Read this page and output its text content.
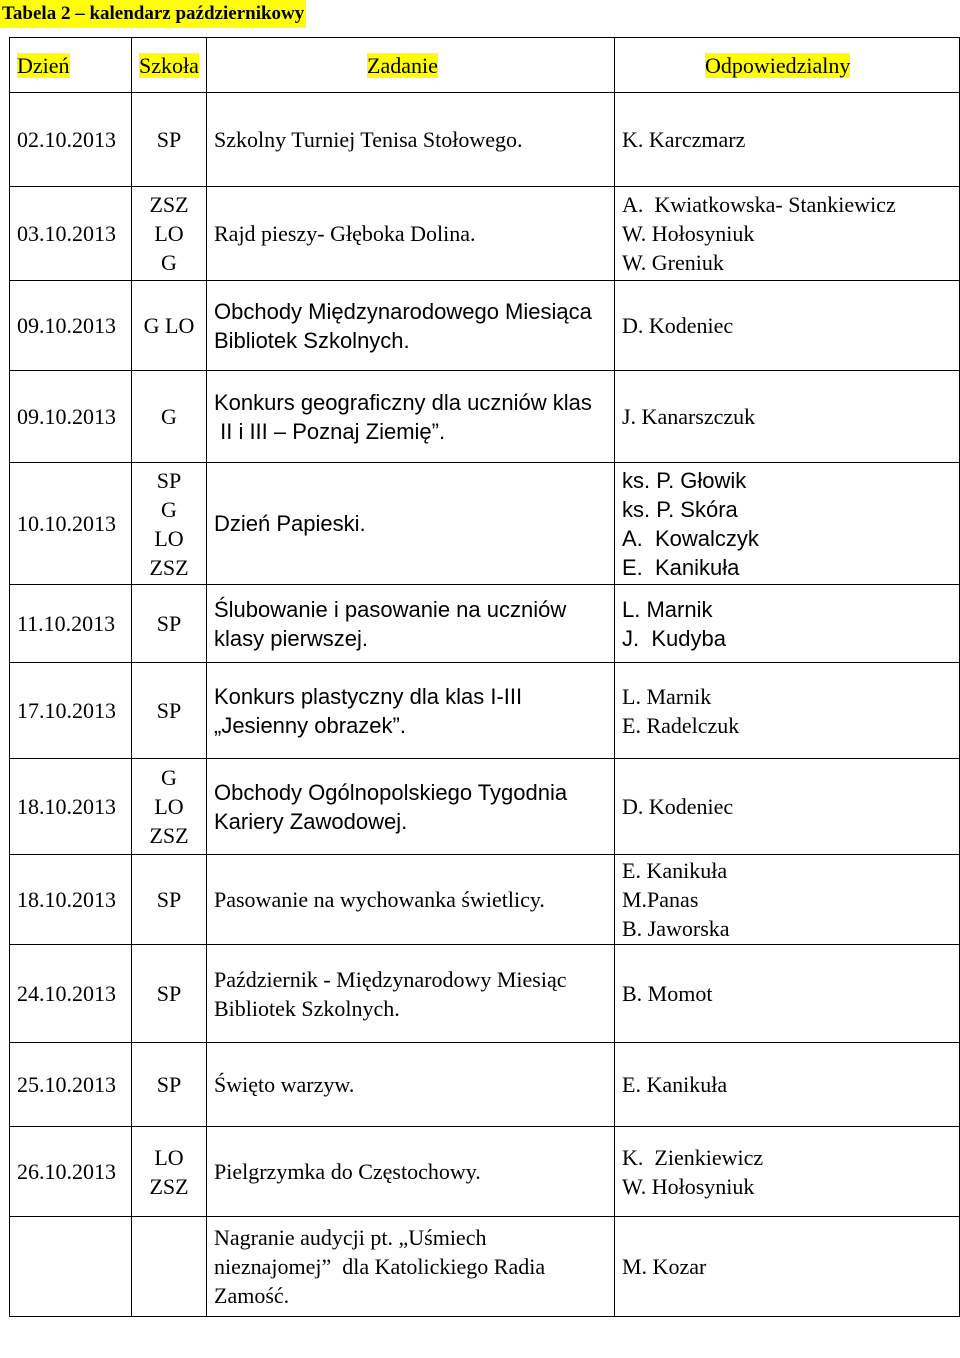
Tabela 2 – kalendarz październikowy
Dzień	Szkoła	Zadanie	Odpowiedzialny
02.10.2013	SP	Szkolny Turniej Tenisa Stołowego.	K. Karczmarz

03.10.2013	ZSZ
LO
G	Rajd pieszy- Głęboka Dolina.	A.  Kwiatkowska- Stankiewicz
W. Hołosyniuk
W. Greniuk

09.10.2013	G LO	Obchody Międzynarodowego Miesiąca
Bibliotek Szkolnych.	D. Kodeniec

09.10.2013	G	Konkurs geograficzny dla uczniów klas
II i III – Poznaj Ziemię”.	J. Kanarszczuk

10.10.2013	SP
G
LO
ZSZ	Dzień Papieski.	ks. P. Głowik
ks. P. Skóra
A.  Kowalczyk
E.  Kanikuła

11.10.2013	SP	Ślubowanie i pasowanie na uczniów
klasy pierwszej.	L. Marnik
J.  Kudyba

17.10.2013	SP	Konkurs plastyczny dla klas I-III
„Jesienny obrazek”.	L. Marnik
E. Radelczuk

18.10.2013	G
LO
ZSZ	Obchody Ogólnopolskiego Tygodnia
Kariery Zawodowej.	D. Kodeniec

18.10.2013	SP	Pasowanie na wychowanka świetlicy.	E. Kanikuła
M.Panas
B. Jaworska

24.10.2013	SP	Październik - Międzynarodowy Miesiąc
Bibliotek Szkolnych.	B. Momot

25.10.2013	SP	Święto warzyw.	E. Kanikuła

26.10.2013	LO
ZSZ	Pielgrzymka do Częstochowy.	K.  Zienkiewicz
W. Hołosyniuk

		Nagranie audycji pt. „Uśmiech
nieznajomej”  dla Katolickiego Radia
Zamość.	M. Kozar
